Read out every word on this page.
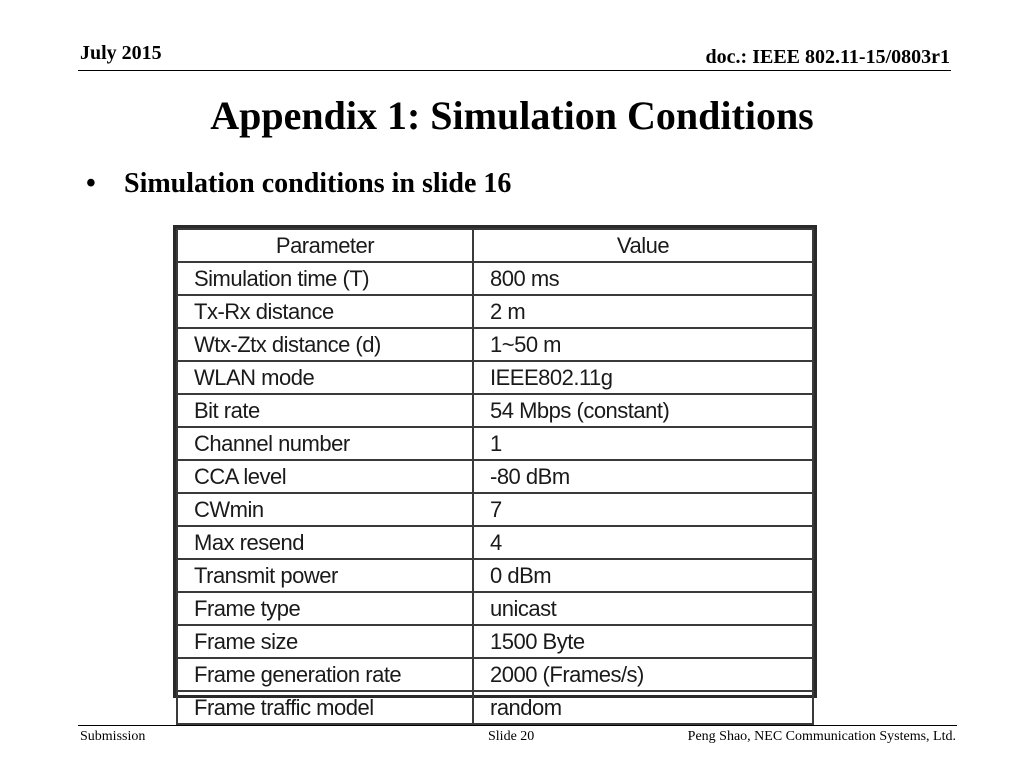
July 2015	doc.: IEEE 802.11-15/0803r1
Appendix 1: Simulation Conditions
• Simulation conditions in slide 16
Parameter	Value
Simulation time (T)	800 ms
Tx-Rx distance	2 m
Wtx-Ztx distance (d)	1~50 m
WLAN mode	IEEE802.11g
Bit rate	54 Mbps (constant)
Channel number	1
CCA level	-80 dBm
CWmin	7
Max resend	4
Transmit power	0 dBm
Frame type	unicast
Frame size	1500 Byte
Frame generation rate	2000 (Frames/s)
Frame traffic model	random
Submission	Slide 20	Peng Shao, NEC Communication Systems, Ltd.
